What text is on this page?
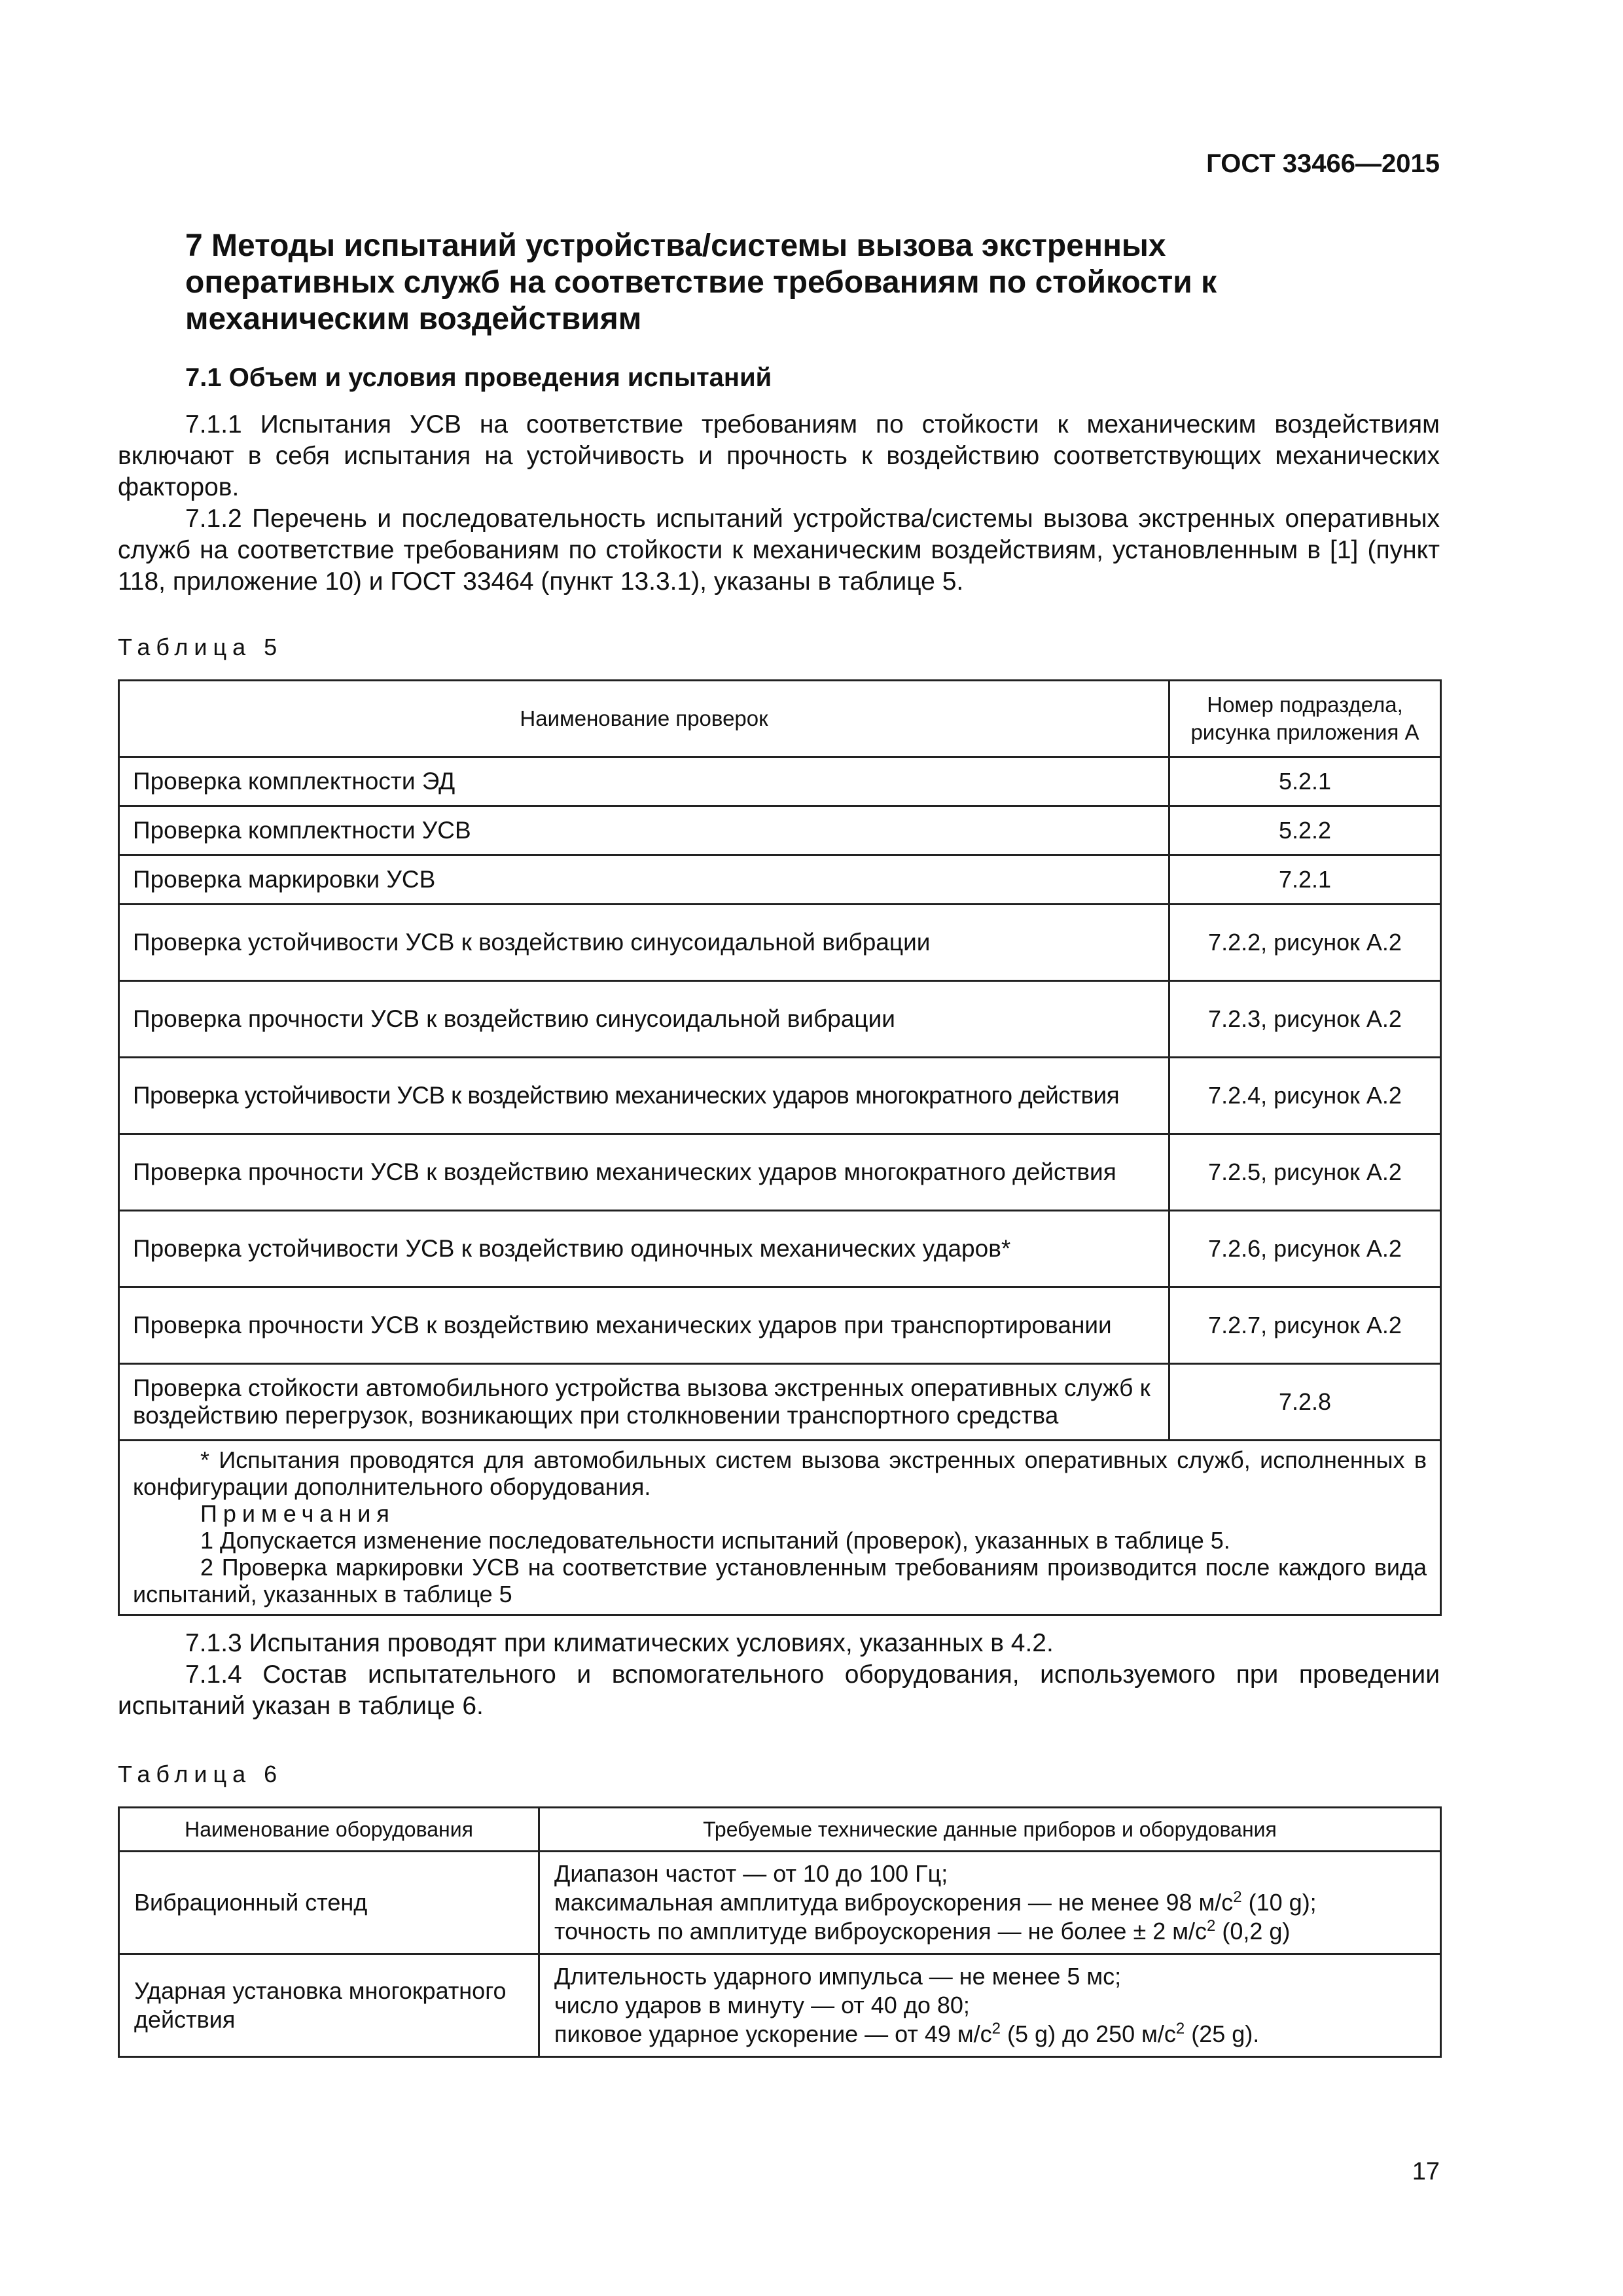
ГОСТ 33466—2015
7 Методы испытаний устройства/системы вызова экстренных оперативных служб на соответствие требованиям по стойкости к механическим воздействиям
7.1 Объем и условия проведения испытаний

7.1.1 Испытания УСВ на соответствие требованиям по стойкости к механическим воздействиям включают в себя испытания на устойчивость и прочность к воздействию соответствующих механических факторов.

7.1.2 Перечень и последовательность испытаний устройства/системы вызова экстренных оперативных служб на соответствие требованиям по стойкости к механическим воздействиям, установленным в [1] (пункт 118, приложение 10) и ГОСТ 33464 (пункт 13.3.1), указаны в таблице 5.

Таблица 5
Наименование проверок	Номер подраздела, рисунка приложения А
Проверка комплектности ЭД	5.2.1
Проверка комплектности УСВ	5.2.2
Проверка маркировки УСВ	7.2.1
Проверка устойчивости УСВ к воздействию синусоидальной вибрации	7.2.2, рисунок А.2
Проверка прочности УСВ к воздействию синусоидальной вибрации	7.2.3, рисунок А.2
Проверка устойчивости УСВ к воздействию механических ударов многократного действия	7.2.4, рисунок А.2
Проверка прочности УСВ к воздействию механических ударов многократного действия	7.2.5, рисунок А.2
Проверка устойчивости УСВ к воздействию одиночных механических ударов*	7.2.6, рисунок А.2
Проверка прочности УСВ к воздействию механических ударов при транспортировании	7.2.7, рисунок А.2
Проверка стойкости автомобильного устройства вызова экстренных оперативных служб к воздействию перегрузок, возникающих при столкновении транспортного средства	7.2.8

* Испытания проводятся для автомобильных систем вызова экстренных оперативных служб, исполненных в конфигурации дополнительного оборудования.

Примечания

1 Допускается изменение последовательности испытаний (проверок), указанных в таблице 5.

2 Проверка маркировки УСВ на соответствие установленным требованиям производится после каждого вида испытаний, указанных в таблице 5	

7.1.3 Испытания проводят при климатических условиях, указанных в 4.2.

7.1.4 Состав испытательного и вспомогательного оборудования, используемого при проведении испытаний указан в таблице 6.

Таблица 6
Наименование оборудования	Требуемые технические данные приборов и оборудования
Вибрационный стенд	Диапазон частот — от 10 до 100 Гц;
максимальная амплитуда виброускорения — не менее 98 $м/с^2$ (10 g);
точность по амплитуде виброускорения — не более ± 2 $м/с^2$ (0,2 g)

Ударная установка многократного действия	Длительность ударного импульса — не менее 5 мс;
число ударов в минуту — от 40 до 80;
пиковое ударное ускорение — от 49 $м/с^2$ (5 g) до 250 $м/с^2$ (25 g).
17
